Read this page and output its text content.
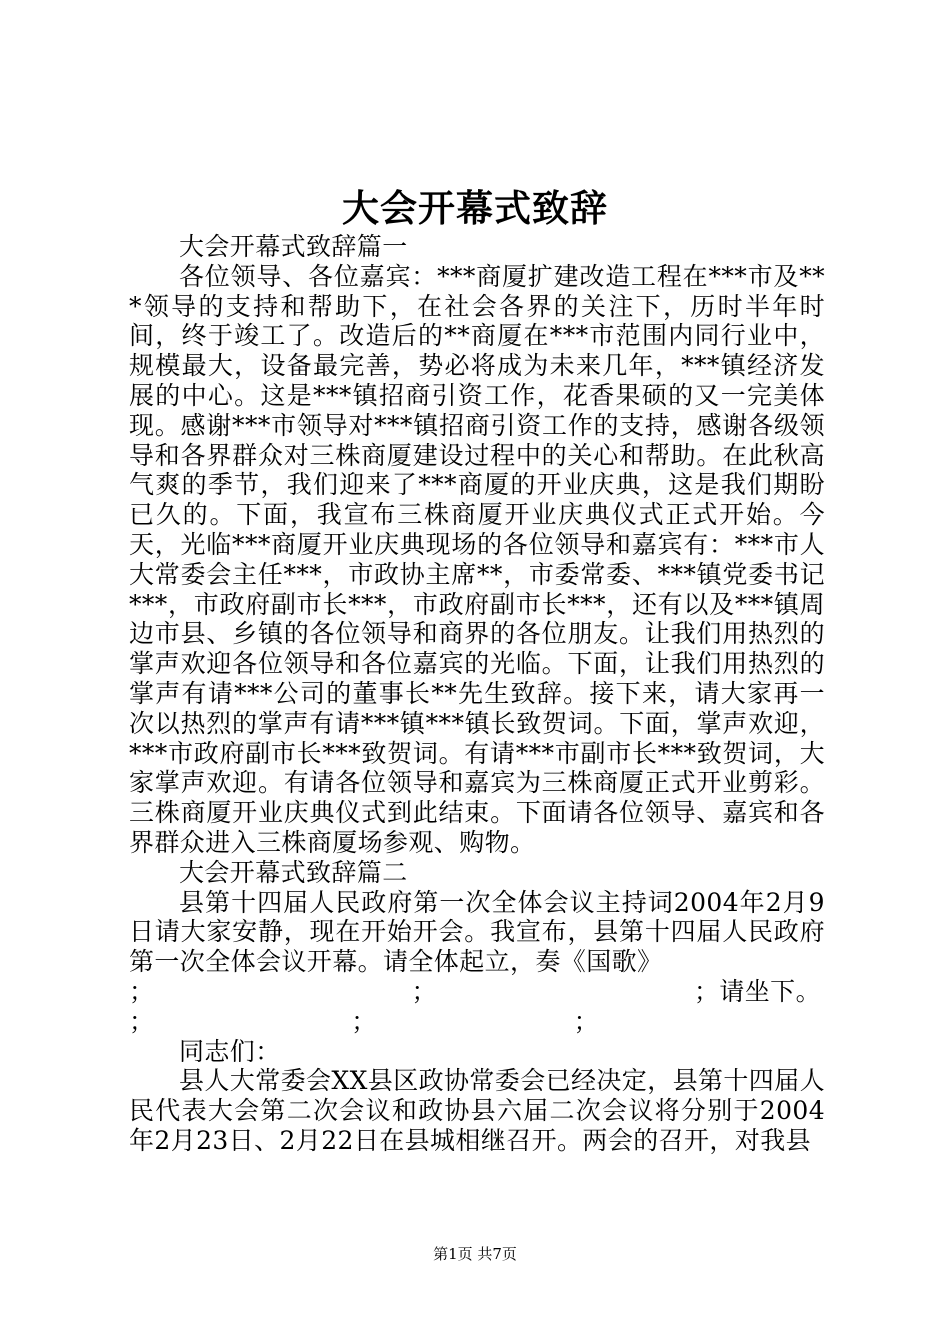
大会开幕式致辞

大会开幕式致辞篇一

各位领导、各位嘉宾：***商厦扩建改造工程在***市及***领导的支持和帮助下，在社会各界的关注下，历时半年时间，终于竣工了。改造后的**商厦在***市范围内同行业中，规模最大，设备最完善，势必将成为未来几年，***镇经济发展的中心。这是***镇招商引资工作，花香果硕的又一完美体现。感谢***市领导对***镇招商引资工作的支持，感谢各级领导和各界群众对三株商厦建设过程中的关心和帮助。在此秋高气爽的季节，我们迎来了***商厦的开业庆典，这是我们期盼已久的。下面，我宣布三株商厦开业庆典仪式正式开始。今天，光临***商厦开业庆典现场的各位领导和嘉宾有：***市人大常委会主任***，市政协主席**，市委常委、***镇党委书记***，市政府副市长***，市政府副市长***，还有以及***镇周边市县、乡镇的各位领导和商界的各位朋友。让我们用热烈的掌声欢迎各位领导和各位嘉宾的光临。下面，让我们用热烈的掌声有请***公司的董事长**先生致辞。接下来，请大家再一次以热烈的掌声有请***镇***镇长致贺词。下面，掌声欢迎，***市政府副市长***致贺词。有请***市副市长***致贺词，大家掌声欢迎。有请各位领导和嘉宾为三株商厦正式开业剪彩。三株商厦开业庆典仪式到此结束。下面请各位领导、嘉宾和各界群众进入三株商厦场参观、购物。

大会开幕式致辞篇二

县第十四届人民政府第一次全体会议主持词2004年2月9日请大家安静，现在开始开会。我宣布，县第十四届人民政府第一次全体会议开幕。请全体起立，奏《国歌》

；	；	；请坐下。
；	；	；

同志们：

县人大常委会XX县区政协常委会已经决定，县第十四届人民代表大会第二次会议和政协县六届二次会议将分别于2004年2月23日、2月22日在县城相继召开。两会的召开，对我县

第1页 共7页
